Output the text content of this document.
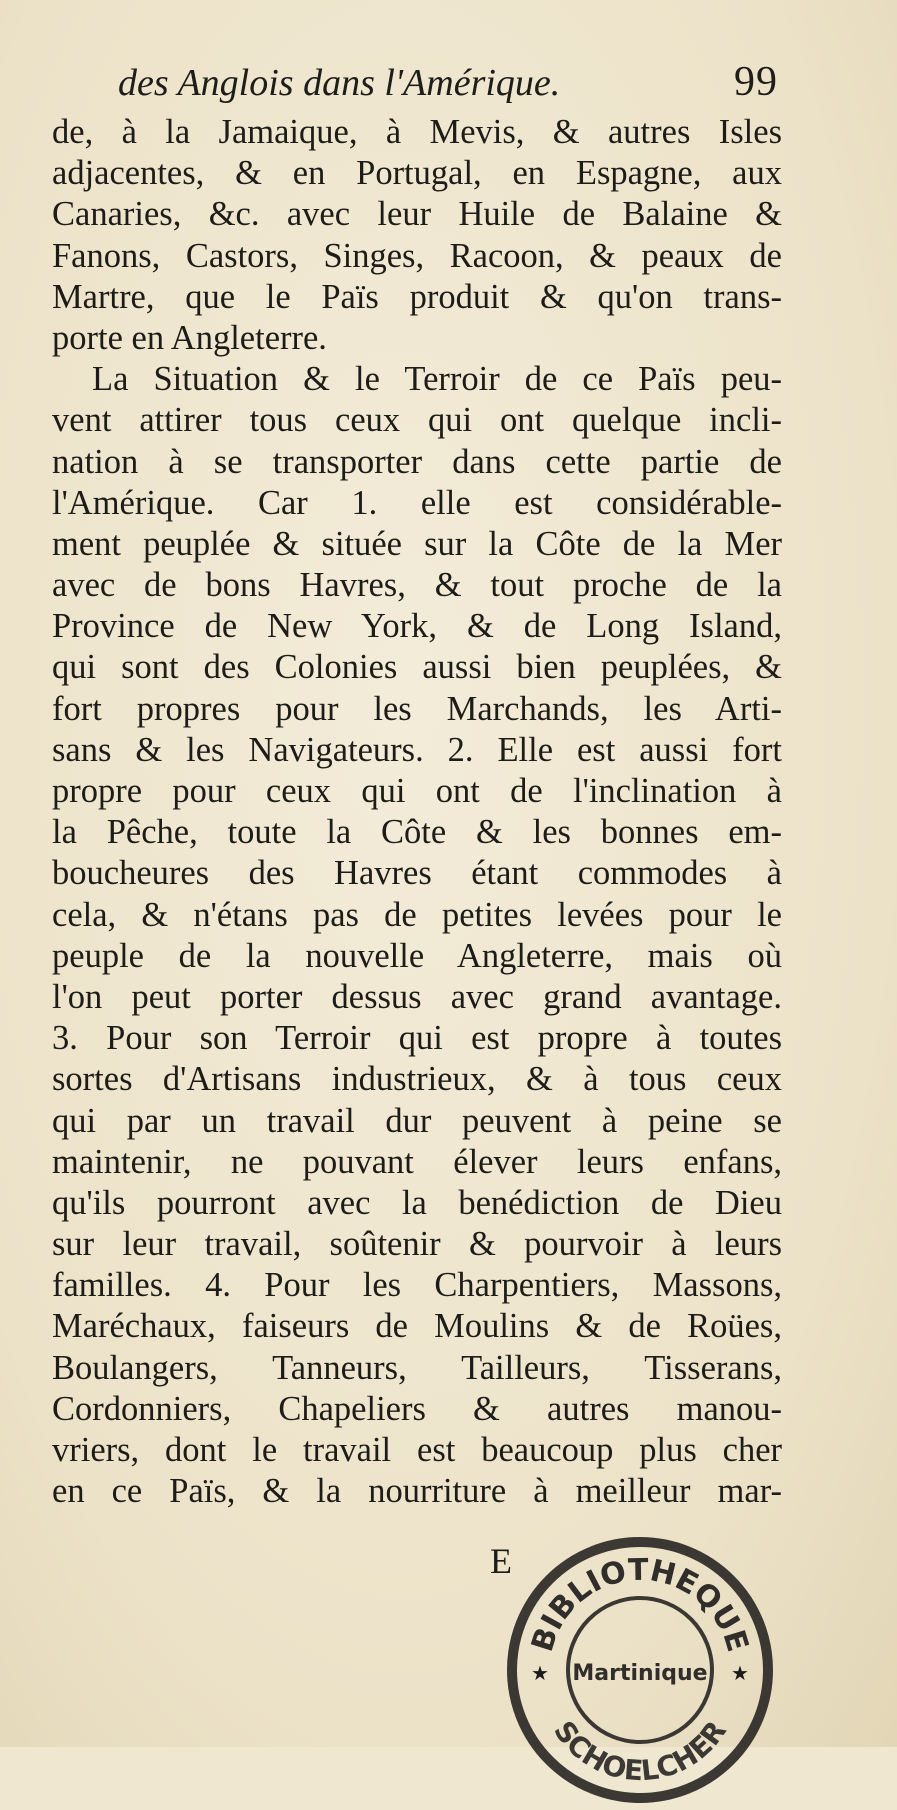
des Anglois dans l'Amérique.	99
de, à la Jamaique, à Mevis, & autres Isles
adjacentes, & en Portugal, en Espagne, aux
Canaries, &c. avec leur Huile de Balaine &
Fanons, Castors, Singes, Racoon, & peaux de
Martre, que le Païs produit & qu'on trans-
porte en Angleterre.
La Situation & le Terroir de ce Païs peu-
vent attirer tous ceux qui ont quelque incli-
nation à se transporter dans cette partie de
l'Amérique. Car 1. elle est considérable-
ment peuplée & située sur la Côte de la Mer
avec de bons Havres, & tout proche de la
Province de New York, & de Long Island,
qui sont des Colonies aussi bien peuplées, &
fort propres pour les Marchands, les Arti-
sans & les Navigateurs. 2. Elle est aussi fort
propre pour ceux qui ont de l'inclination à
la Pêche, toute la Côte & les bonnes em-
boucheures des Havres étant commodes à
cela, & n'étans pas de petites levées pour le
peuple de la nouvelle Angleterre, mais où
l'on peut porter dessus avec grand avantage.
3. Pour son Terroir qui est propre à toutes
sortes d'Artisans industrieux, & à tous ceux
qui par un travail dur peuvent à peine se
maintenir, ne pouvant élever leurs enfans,
qu'ils pourront avec la benédiction de Dieu
sur leur travail, soûtenir & pourvoir à leurs
familles. 4. Pour les Charpentiers, Massons,
Maréchaux, faiseurs de Moulins & de Roües,
Boulangers, Tanneurs, Tailleurs, Tisserans,
Cordonniers, Chapeliers & autres manou-
vriers, dont le travail est beaucoup plus cher
en ce Païs, & la nourriture à meilleur mar-
E
BIBLIOTHEQUE
Martinique
SCHOELCHER
★	★
